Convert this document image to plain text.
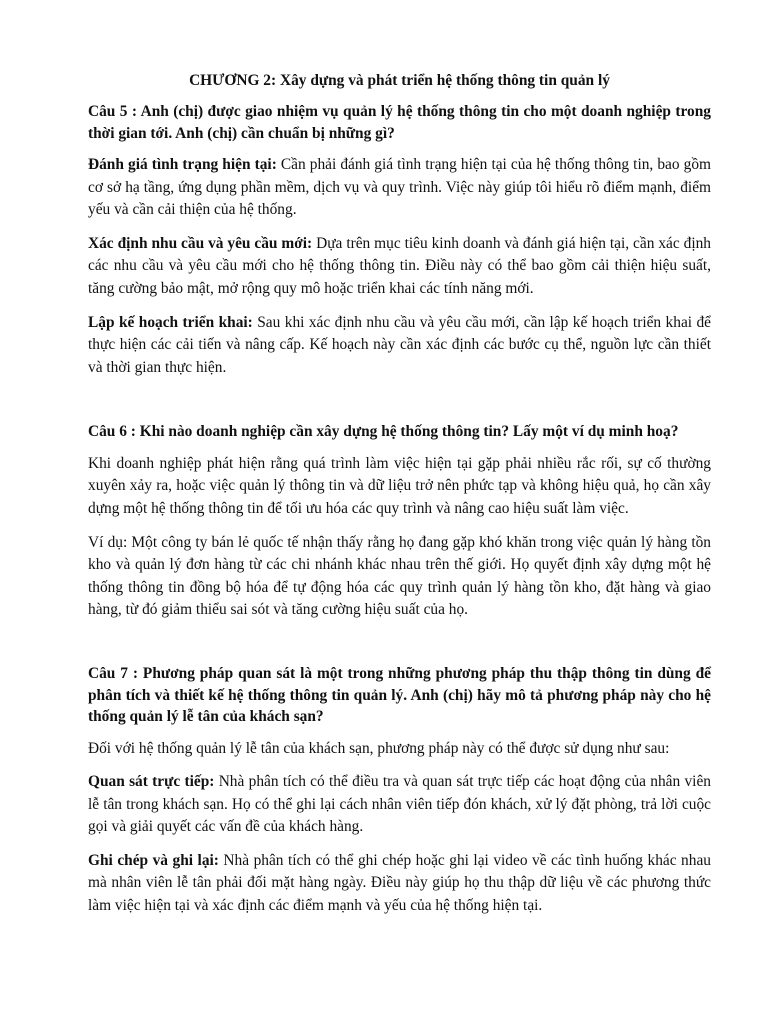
CHƯƠNG 2: Xây dựng và phát triển hệ thống thông tin quản lý
Câu 5 : Anh (chị) được giao nhiệm vụ quản lý hệ thống thông tin cho một doanh nghiệp trong thời gian tới. Anh (chị) cần chuẩn bị những gì?
Đánh giá tình trạng hiện tại: Cần phải đánh giá tình trạng hiện tại của hệ thống thông tin, bao gồm cơ sở hạ tầng, ứng dụng phần mềm, dịch vụ và quy trình. Việc này giúp tôi hiểu rõ điểm mạnh, điểm yếu và cần cải thiện của hệ thống.
Xác định nhu cầu và yêu cầu mới: Dựa trên mục tiêu kinh doanh và đánh giá hiện tại, cần xác định các nhu cầu và yêu cầu mới cho hệ thống thông tin. Điều này có thể bao gồm cải thiện hiệu suất, tăng cường bảo mật, mở rộng quy mô hoặc triển khai các tính năng mới.
Lập kế hoạch triển khai: Sau khi xác định nhu cầu và yêu cầu mới, cần lập kế hoạch triển khai để thực hiện các cải tiến và nâng cấp. Kế hoạch này cần xác định các bước cụ thể, nguồn lực cần thiết và thời gian thực hiện.
Câu 6 : Khi nào doanh nghiệp cần xây dựng hệ thống thông tin? Lấy một ví dụ minh hoạ?
Khi doanh nghiệp phát hiện rằng quá trình làm việc hiện tại gặp phải nhiều rắc rối, sự cố thường xuyên xảy ra, hoặc việc quản lý thông tin và dữ liệu trở nên phức tạp và không hiệu quả, họ cần xây dựng một hệ thống thông tin để tối ưu hóa các quy trình và nâng cao hiệu suất làm việc.
Ví dụ: Một công ty bán lẻ quốc tế nhận thấy rằng họ đang gặp khó khăn trong việc quản lý hàng tồn kho và quản lý đơn hàng từ các chi nhánh khác nhau trên thế giới. Họ quyết định xây dựng một hệ thống thông tin đồng bộ hóa để tự động hóa các quy trình quản lý hàng tồn kho, đặt hàng và giao hàng, từ đó giảm thiểu sai sót và tăng cường hiệu suất của họ.
Câu 7 : Phương pháp quan sát là một trong những phương pháp thu thập thông tin dùng để phân tích và thiết kế hệ thống thông tin quản lý. Anh (chị) hãy mô tả phương pháp này cho hệ thống quản lý lễ tân của khách sạn?
Đối với hệ thống quản lý lễ tân của khách sạn, phương pháp này có thể được sử dụng như sau:
Quan sát trực tiếp: Nhà phân tích có thể điều tra và quan sát trực tiếp các hoạt động của nhân viên lễ tân trong khách sạn. Họ có thể ghi lại cách nhân viên tiếp đón khách, xử lý đặt phòng, trả lời cuộc gọi và giải quyết các vấn đề của khách hàng.
Ghi chép và ghi lại: Nhà phân tích có thể ghi chép hoặc ghi lại video về các tình huống khác nhau mà nhân viên lễ tân phải đối mặt hàng ngày. Điều này giúp họ thu thập dữ liệu về các phương thức làm việc hiện tại và xác định các điểm mạnh và yếu của hệ thống hiện tại.
